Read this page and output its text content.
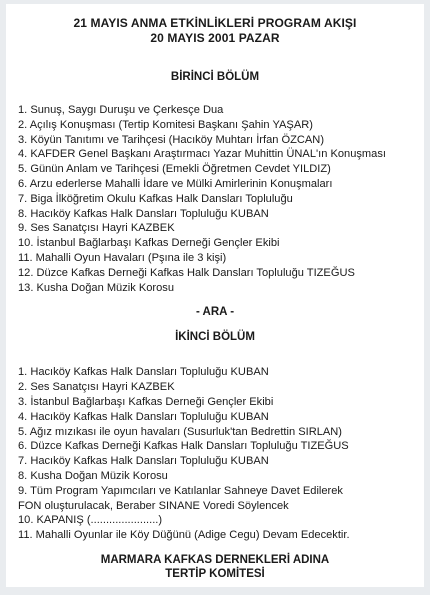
21 MAYIS ANMA ETKİNLİKLERİ PROGRAM AKIŞI
20 MAYIS 2001 PAZAR
BİRİNCİ BÖLÜM
1. Sunuş, Saygı Duruşu ve Çerkesçe Dua
2. Açılış Konuşması (Tertip Komitesi Başkanı Şahin YAŞAR)
3. Köyün Tanıtımı ve Tarihçesi (Hacıköy Muhtarı İrfan ÖZCAN)
4. KAFDER Genel Başkanı Araştırmacı Yazar Muhittin ÜNAL'ın Konuşması
5. Günün Anlam ve Tarihçesi (Emekli Öğretmen Cevdet YILDIZ)
6. Arzu ederlerse Mahalli İdare ve Mülki Amirlerinin Konuşmaları
7. Biga İlköğretim Okulu Kafkas Halk Dansları Topluluğu
8. Hacıköy Kafkas Halk Dansları Topluluğu KUBAN
9. Ses Sanatçısı Hayri KAZBEK
10. İstanbul Bağlarbaşı Kafkas Derneği Gençler Ekibi
11. Mahalli Oyun Havaları (Pşına ile 3 kişi)
12. Düzce Kafkas Derneği Kafkas Halk Dansları Topluluğu TIZEĞUS
13. Kusha Doğan Müzik Korosu
- ARA -
İKİNCİ BÖLÜM
1. Hacıköy Kafkas Halk Dansları Topluluğu KUBAN
2. Ses Sanatçısı Hayri KAZBEK
3. İstanbul Bağlarbaşı Kafkas Derneği Gençler Ekibi
4. Hacıköy Kafkas Halk Dansları Topluluğu KUBAN
5. Ağız mızıkası ile oyun havaları (Susurluk'tan Bedrettin SIRLAN)
6. Düzce Kafkas Derneği Kafkas Halk Dansları Topluluğu TIZEĞUS
7. Hacıköy Kafkas Halk Dansları Topluluğu KUBAN
8. Kusha Doğan Müzik Korosu
9. Tüm Program Yapımcıları ve Katılanlar Sahneye Davet Edilerek
FON oluşturulacak, Beraber SINANE Voredi Söylencek
10. KAPANIŞ (......................)
11. Mahalli Oyunlar ile Köy Düğünü (Adige Cegu) Devam Edecektir.
MARMARA KAFKAS DERNEKLERİ ADINA
TERTİP KOMİTESİ
